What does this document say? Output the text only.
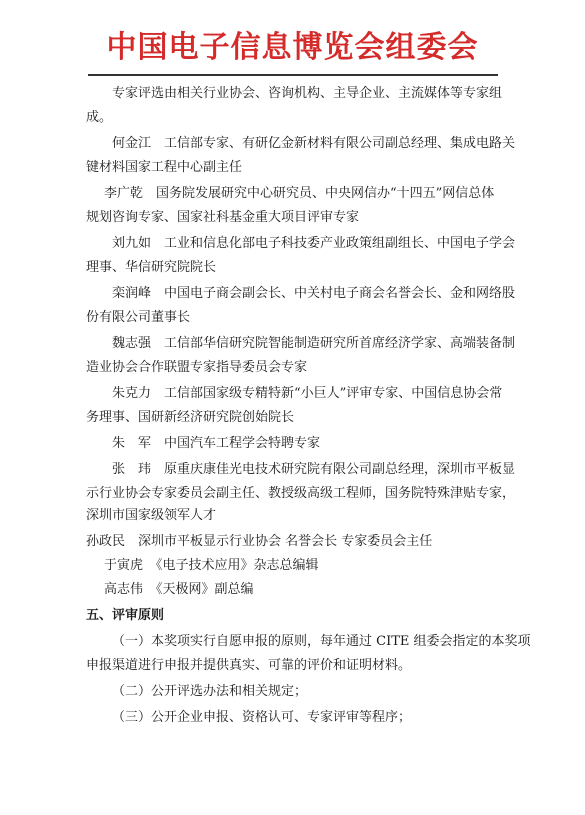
中国电子信息博览会组委会
专家评选由相关行业协会、咨询机构、主导企业、主流媒体等专家组
成。
何金江　工信部专家、有研亿金新材料有限公司副总经理、集成电路关
键材料国家工程中心副主任
李广乾　国务院发展研究中心研究员、中央网信办“十四五”网信总体
规划咨询专家、国家社科基金重大项目评审专家
刘九如　工业和信息化部电子科技委产业政策组副组长、中国电子学会
理事、华信研究院院长
栾润峰　中国电子商会副会长、中关村电子商会名誉会长、金和网络股
份有限公司董事长
魏志强　工信部华信研究院智能制造研究所首席经济学家、高端装备制
造业协会合作联盟专家指导委员会专家
朱克力　工信部国家级专精特新“小巨人”评审专家、中国信息协会常
务理事、国研新经济研究院创始院长
朱　军　中国汽车工程学会特聘专家
张　玮　原重庆康佳光电技术研究院有限公司副总经理，深圳市平板显
示行业协会专家委员会副主任、教授级高级工程师，国务院特殊津贴专家，
深圳市国家级领军人才
孙政民　深圳市平板显示行业协会 名誉会长 专家委员会主任
于寅虎　《电子技术应用》杂志总编辑
高志伟　《天极网》副总编
五、评审原则
（一）本奖项实行自愿申报的原则，每年通过 CITE 组委会指定的本奖项
申报渠道进行申报并提供真实、可靠的评价和证明材料。
（二）公开评选办法和相关规定；
（三）公开企业申报、资格认可、专家评审等程序；
